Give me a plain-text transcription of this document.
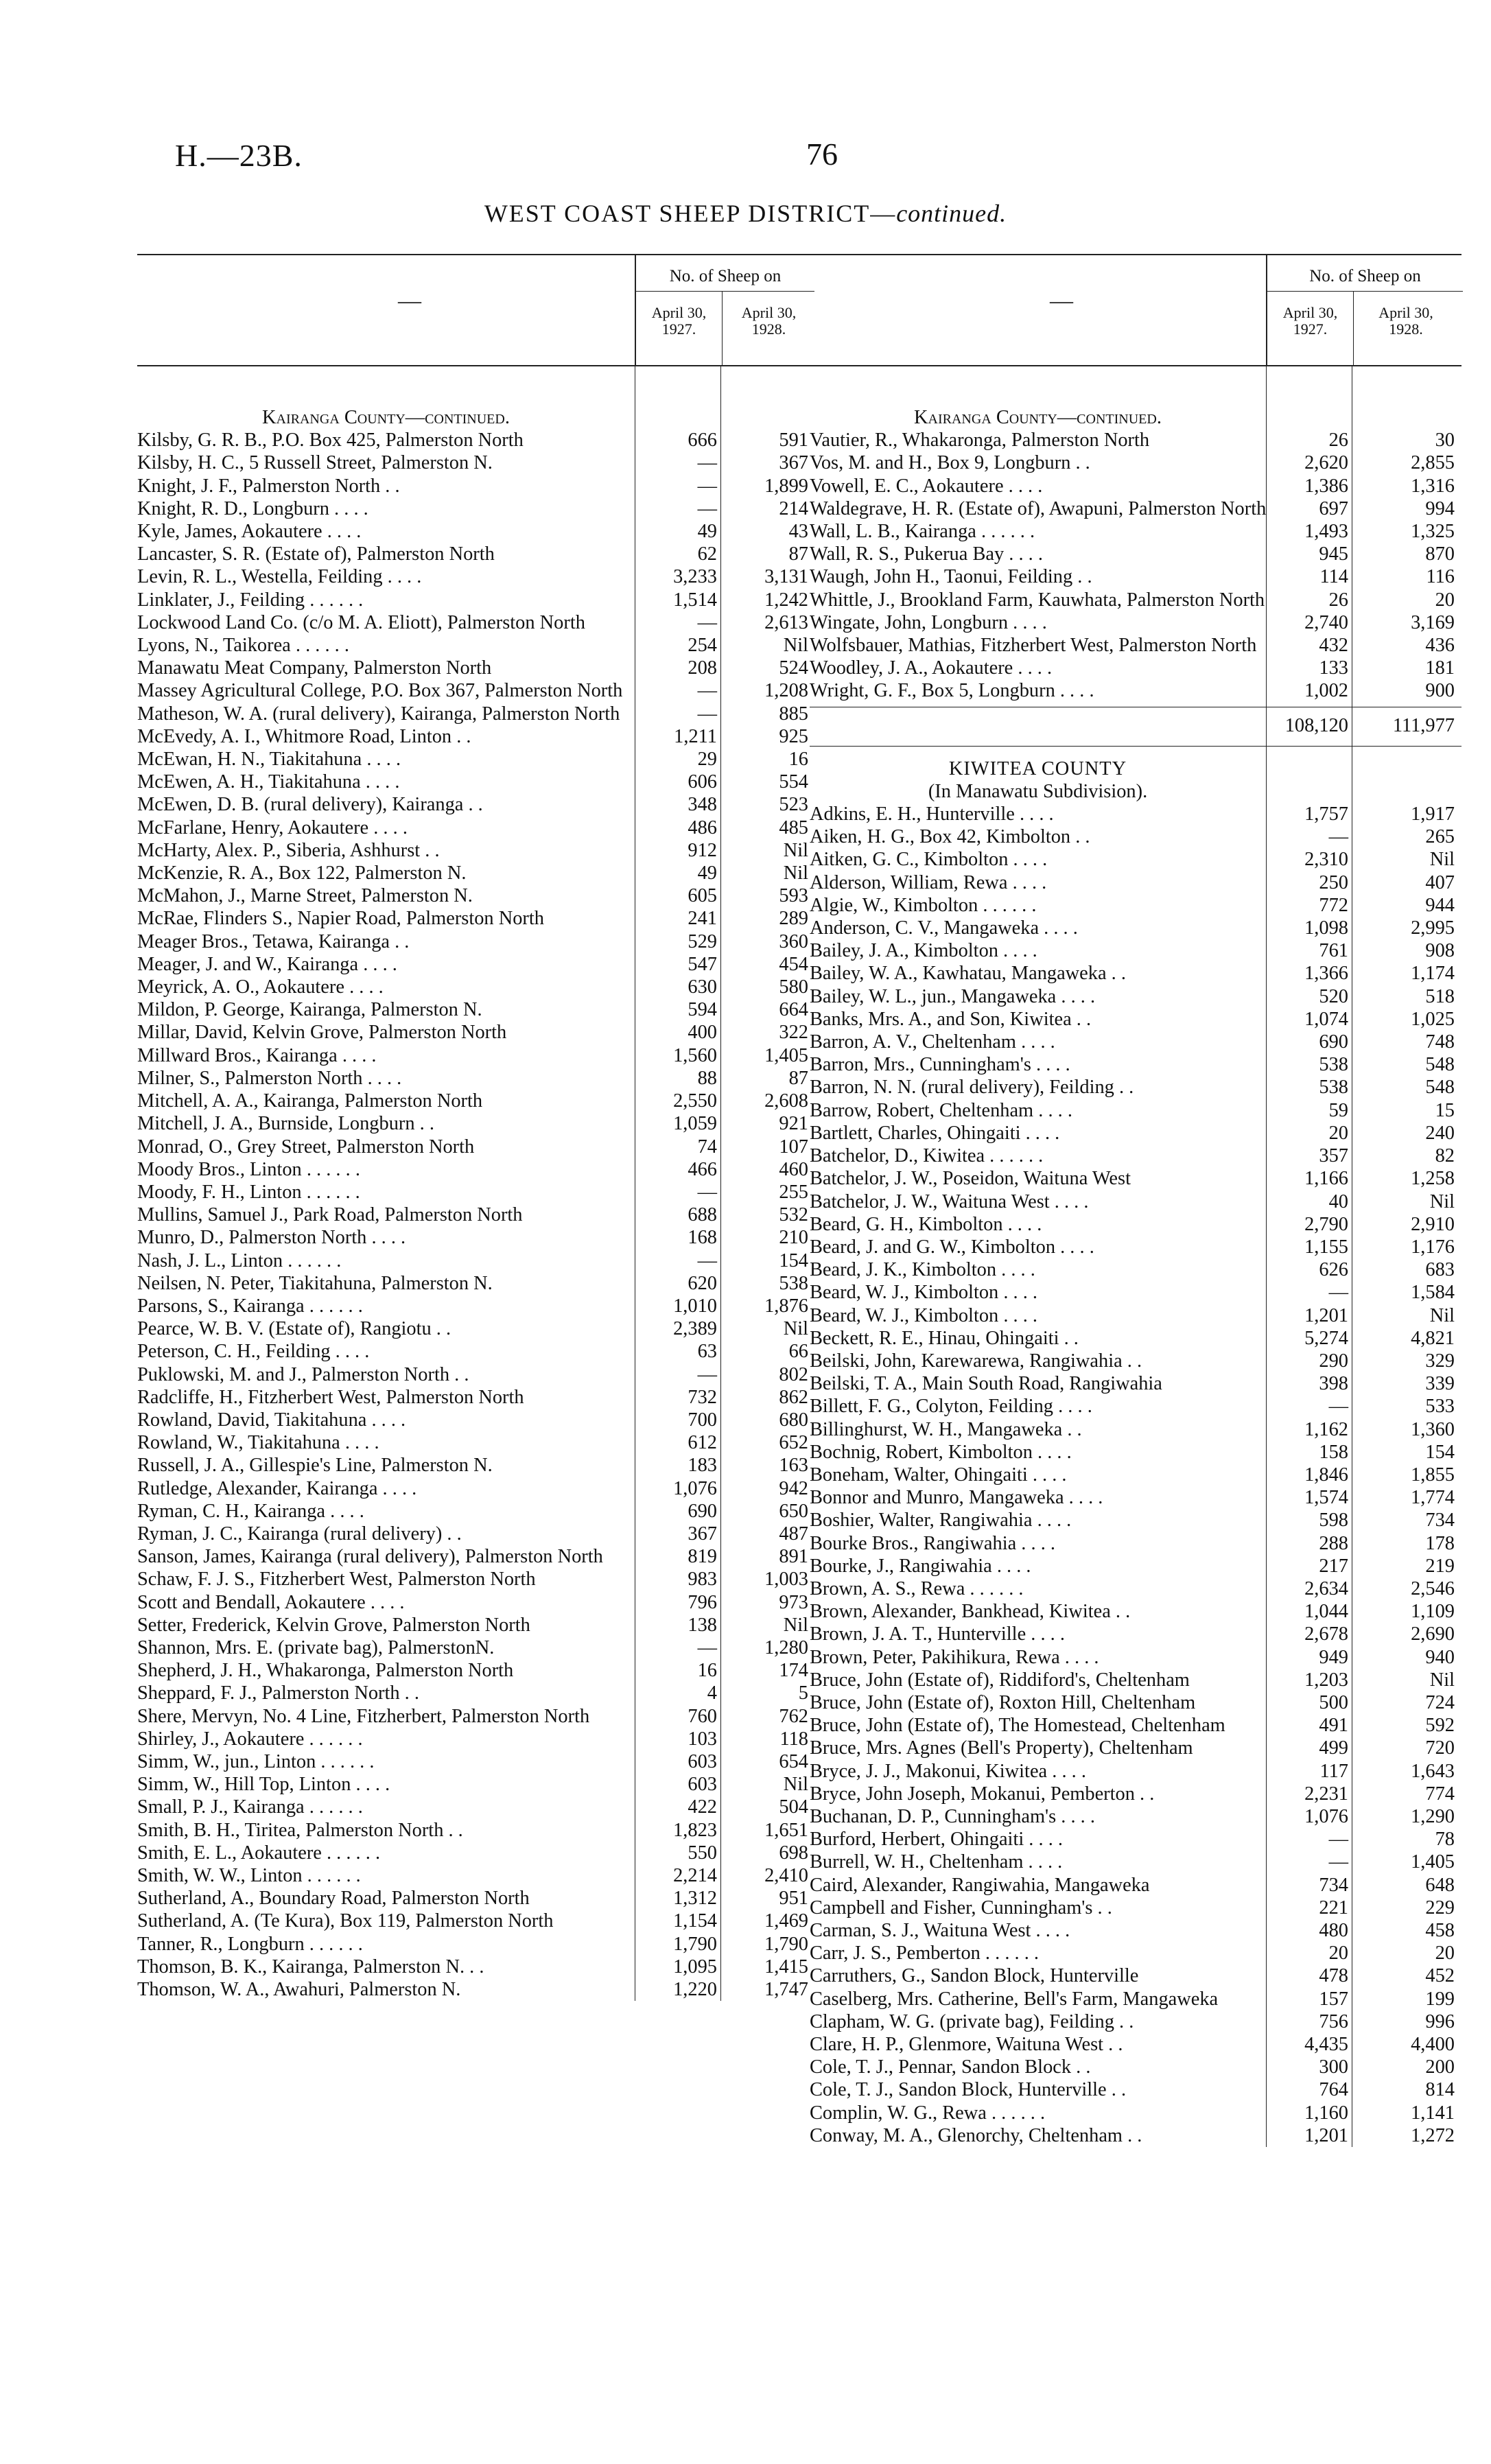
H.—23B.	76
WEST COAST SHEEP DISTRICT—continued.
—
No. of Sheep on
April 30,
1927.
April 30,
1928.
Kairanga County—continued.
Kilsby, G. R. B., P.O. Box 425, Palmerston North	666	591
Kilsby, H. C., 5 Russell Street, Palmerston N.	—	367
Knight, J. F., Palmerston North . .	—	1,899
Knight, R. D., Longburn . . . .	—	214
Kyle, James, Aokautere . . . .	49	43
Lancaster, S. R. (Estate of), Palmerston North	62	87
Levin, R. L., Westella, Feilding . . . .	3,233	3,131
Linklater, J., Feilding . . . . . .	1,514	1,242
Lockwood Land Co. (c/o M. A. Eliott), Palmerston North	—	2,613
Lyons, N., Taikorea . . . . . .	254	Nil
Manawatu Meat Company, Palmerston North	208	524
Massey Agricultural College, P.O. Box 367, Palmerston North	—	1,208
Matheson, W. A. (rural delivery), Kairanga, Palmerston North	—	885
McEvedy, A. I., Whitmore Road, Linton . .	1,211	925
McEwan, H. N., Tiakitahuna . . . .	29	16
McEwen, A. H., Tiakitahuna . . . .	606	554
McEwen, D. B. (rural delivery), Kairanga . .	348	523
McFarlane, Henry, Aokautere . . . .	486	485
McHarty, Alex. P., Siberia, Ashhurst . .	912	Nil
McKenzie, R. A., Box 122, Palmerston N.	49	Nil
McMahon, J., Marne Street, Palmerston N.	605	593
McRae, Flinders S., Napier Road, Palmerston North	241	289
Meager Bros., Tetawa, Kairanga . .	529	360
Meager, J. and W., Kairanga . . . .	547	454
Meyrick, A. O., Aokautere . . . .	630	580
Mildon, P. George, Kairanga, Palmerston N.	594	664
Millar, David, Kelvin Grove, Palmerston North	400	322
Millward Bros., Kairanga . . . .	1,560	1,405
Milner, S., Palmerston North . . . .	88	87
Mitchell, A. A., Kairanga, Palmerston North	2,550	2,608
Mitchell, J. A., Burnside, Longburn . .	1,059	921
Monrad, O., Grey Street, Palmerston North	74	107
Moody Bros., Linton . . . . . .	466	460
Moody, F. H., Linton . . . . . .	—	255
Mullins, Samuel J., Park Road, Palmerston North	688	532
Munro, D., Palmerston North . . . .	168	210
Nash, J. L., Linton . . . . . .	—	154
Neilsen, N. Peter, Tiakitahuna, Palmerston N.	620	538
Parsons, S., Kairanga . . . . . .	1,010	1,876
Pearce, W. B. V. (Estate of), Rangiotu . .	2,389	Nil
Peterson, C. H., Feilding . . . .	63	66
Puklowski, M. and J., Palmerston North . .	—	802
Radcliffe, H., Fitzherbert West, Palmerston North	732	862
Rowland, David, Tiakitahuna . . . .	700	680
Rowland, W., Tiakitahuna . . . .	612	652
Russell, J. A., Gillespie's Line, Palmerston N.	183	163
Rutledge, Alexander, Kairanga . . . .	1,076	942
Ryman, C. H., Kairanga . . . .	690	650
Ryman, J. C., Kairanga (rural delivery) . .	367	487
Sanson, James, Kairanga (rural delivery), Palmerston North	819	891
Schaw, F. J. S., Fitzherbert West, Palmerston North	983	1,003
Scott and Bendall, Aokautere . . . .	796	973
Setter, Frederick, Kelvin Grove, Palmerston North	138	Nil
Shannon, Mrs. E. (private bag), PalmerstonN.	—	1,280
Shepherd, J. H., Whakaronga, Palmerston North	16	174
Sheppard, F. J., Palmerston North . .	4	5
Shere, Mervyn, No. 4 Line, Fitzherbert, Palmerston North	760	762
Shirley, J., Aokautere . . . . . .	103	118
Simm, W., jun., Linton . . . . . .	603	654
Simm, W., Hill Top, Linton . . . .	603	Nil
Small, P. J., Kairanga . . . . . .	422	504
Smith, B. H., Tiritea, Palmerston North . .	1,823	1,651
Smith, E. L., Aokautere . . . . . .	550	698
Smith, W. W., Linton . . . . . .	2,214	2,410
Sutherland, A., Boundary Road, Palmerston North	1,312	951
Sutherland, A. (Te Kura), Box 119, Palmerston North	1,154	1,469
Tanner, R., Longburn . . . . . .	1,790	1,790
Thomson, B. K., Kairanga, Palmerston N. . .	1,095	1,415
Thomson, W. A., Awahuri, Palmerston N.	1,220	1,747
—
No. of Sheep on
April 30,
1927.
April 30,
1928.
Kairanga County—continued.
Vautier, R., Whakaronga, Palmerston North	26	30
Vos, M. and H., Box 9, Longburn . .	2,620	2,855
Vowell, E. C., Aokautere . . . .	1,386	1,316
Waldegrave, H. R. (Estate of), Awapuni, Palmerston North	697	994
Wall, L. B., Kairanga . . . . . .	1,493	1,325
Wall, R. S., Pukerua Bay . . . .	945	870
Waugh, John H., Taonui, Feilding . .	114	116
Whittle, J., Brookland Farm, Kauwhata, Palmerston North	26	20
Wingate, John, Longburn . . . .	2,740	3,169
Wolfsbauer, Mathias, Fitzherbert West, Palmerston North	432	436
Woodley, J. A., Aokautere . . . .	133	181
Wright, G. F., Box 5, Longburn . . . .	1,002	900
108,120	111,977
KIWITEA COUNTY
(In Manawatu Subdivision).
Adkins, E. H., Hunterville . . . .	1,757	1,917
Aiken, H. G., Box 42, Kimbolton . .	—	265
Aitken, G. C., Kimbolton . . . .	2,310	Nil
Alderson, William, Rewa . . . .	250	407
Algie, W., Kimbolton . . . . . .	772	944
Anderson, C. V., Mangaweka . . . .	1,098	2,995
Bailey, J. A., Kimbolton . . . .	761	908
Bailey, W. A., Kawhatau, Mangaweka . .	1,366	1,174
Bailey, W. L., jun., Mangaweka . . . .	520	518
Banks, Mrs. A., and Son, Kiwitea . .	1,074	1,025
Barron, A. V., Cheltenham . . . .	690	748
Barron, Mrs., Cunningham's . . . .	538	548
Barron, N. N. (rural delivery), Feilding . .	538	548
Barrow, Robert, Cheltenham . . . .	59	15
Bartlett, Charles, Ohingaiti . . . .	20	240
Batchelor, D., Kiwitea . . . . . .	357	82
Batchelor, J. W., Poseidon, Waituna West	1,166	1,258
Batchelor, J. W., Waituna West . . . .	40	Nil
Beard, G. H., Kimbolton . . . .	2,790	2,910
Beard, J. and G. W., Kimbolton . . . .	1,155	1,176
Beard, J. K., Kimbolton . . . .	626	683
Beard, W. J., Kimbolton . . . .	—	1,584
Beard, W. J., Kimbolton . . . .	1,201	Nil
Beckett, R. E., Hinau, Ohingaiti . .	5,274	4,821
Beilski, John, Karewarewa, Rangiwahia . .	290	329
Beilski, T. A., Main South Road, Rangiwahia	398	339
Billett, F. G., Colyton, Feilding . . . .	—	533
Billinghurst, W. H., Mangaweka . .	1,162	1,360
Bochnig, Robert, Kimbolton . . . .	158	154
Boneham, Walter, Ohingaiti . . . .	1,846	1,855
Bonnor and Munro, Mangaweka . . . .	1,574	1,774
Boshier, Walter, Rangiwahia . . . .	598	734
Bourke Bros., Rangiwahia . . . .	288	178
Bourke, J., Rangiwahia . . . .	217	219
Brown, A. S., Rewa . . . . . .	2,634	2,546
Brown, Alexander, Bankhead, Kiwitea . .	1,044	1,109
Brown, J. A. T., Hunterville . . . .	2,678	2,690
Brown, Peter, Pakihikura, Rewa . . . .	949	940
Bruce, John (Estate of), Riddiford's, Cheltenham	1,203	Nil
Bruce, John (Estate of), Roxton Hill, Cheltenham	500	724
Bruce, John (Estate of), The Homestead, Cheltenham	491	592
Bruce, Mrs. Agnes (Bell's Property), Cheltenham	499	720
Bryce, J. J., Makonui, Kiwitea . . . .	117	1,643
Bryce, John Joseph, Mokanui, Pemberton . .	2,231	774
Buchanan, D. P., Cunningham's . . . .	1,076	1,290
Burford, Herbert, Ohingaiti . . . .	—	78
Burrell, W. H., Cheltenham . . . .	—	1,405
Caird, Alexander, Rangiwahia, Mangaweka	734	648
Campbell and Fisher, Cunningham's . .	221	229
Carman, S. J., Waituna West . . . .	480	458
Carr, J. S., Pemberton . . . . . .	20	20
Carruthers, G., Sandon Block, Hunterville	478	452
Caselberg, Mrs. Catherine, Bell's Farm, Mangaweka	157	199
Clapham, W. G. (private bag), Feilding . .	756	996
Clare, H. P., Glenmore, Waituna West . .	4,435	4,400
Cole, T. J., Pennar, Sandon Block . .	300	200
Cole, T. J., Sandon Block, Hunterville . .	764	814
Complin, W. G., Rewa . . . . . .	1,160	1,141
Conway, M. A., Glenorchy, Cheltenham . .	1,201	1,272
